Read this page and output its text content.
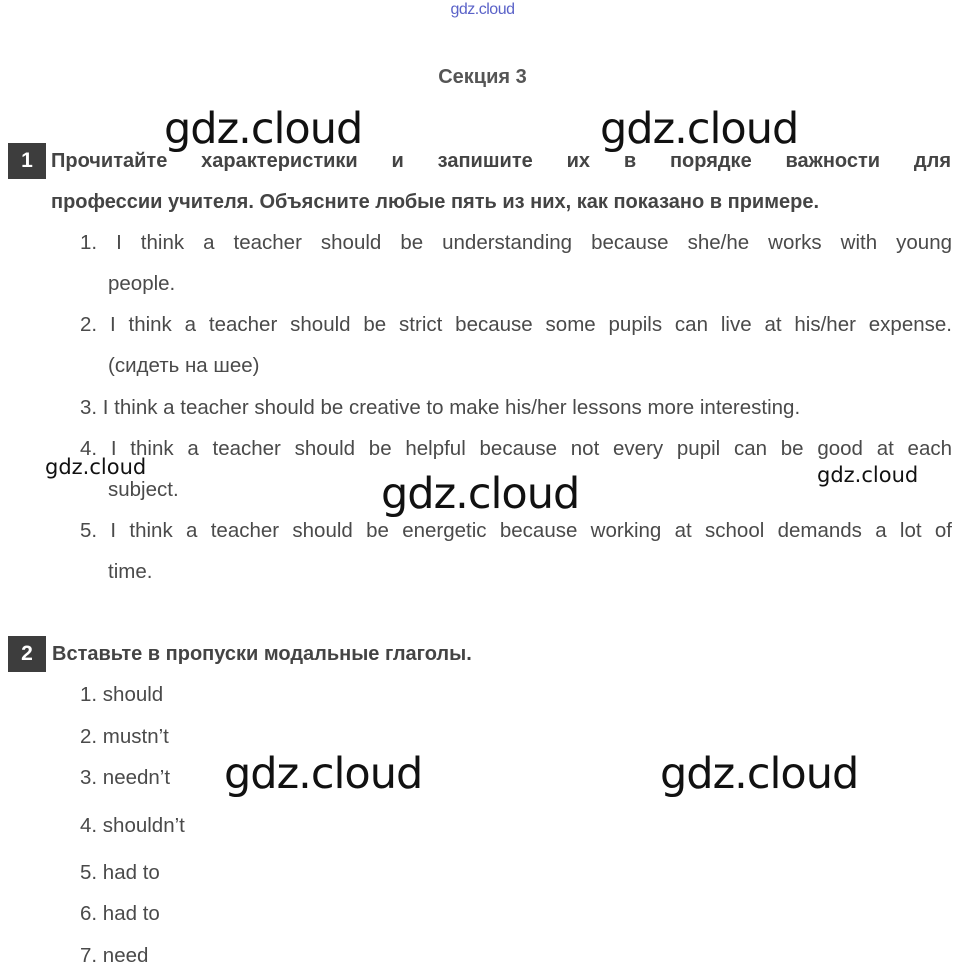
gdz.cloud
Секция 3
1 Прочитайте характеристики и запишите их в порядке важности для
профессии учителя. Объясните любые пять из них, как показано в примере.
1. I think a teacher should be understanding because she/he works with young
people.
2. I think a teacher should be strict because some pupils can live at his/her expense.
(сидеть на шее)
3. I think a teacher should be creative to make his/her lessons more interesting.
4. I think a teacher should be helpful because not every pupil can be good at each
subject.
5. I think a teacher should be energetic because working at school demands a lot of
time.
2 Вставьте в пропуски модальные глаголы.
1. should
2. mustn’t
3. needn’t
4. shouldn’t
5. had to
6. had to
7. need
gdz.cloud	gdz.cloud
gdz.cloud	gdz.cloud
gdz.cloud
gdz.cloud	gdz.cloud
